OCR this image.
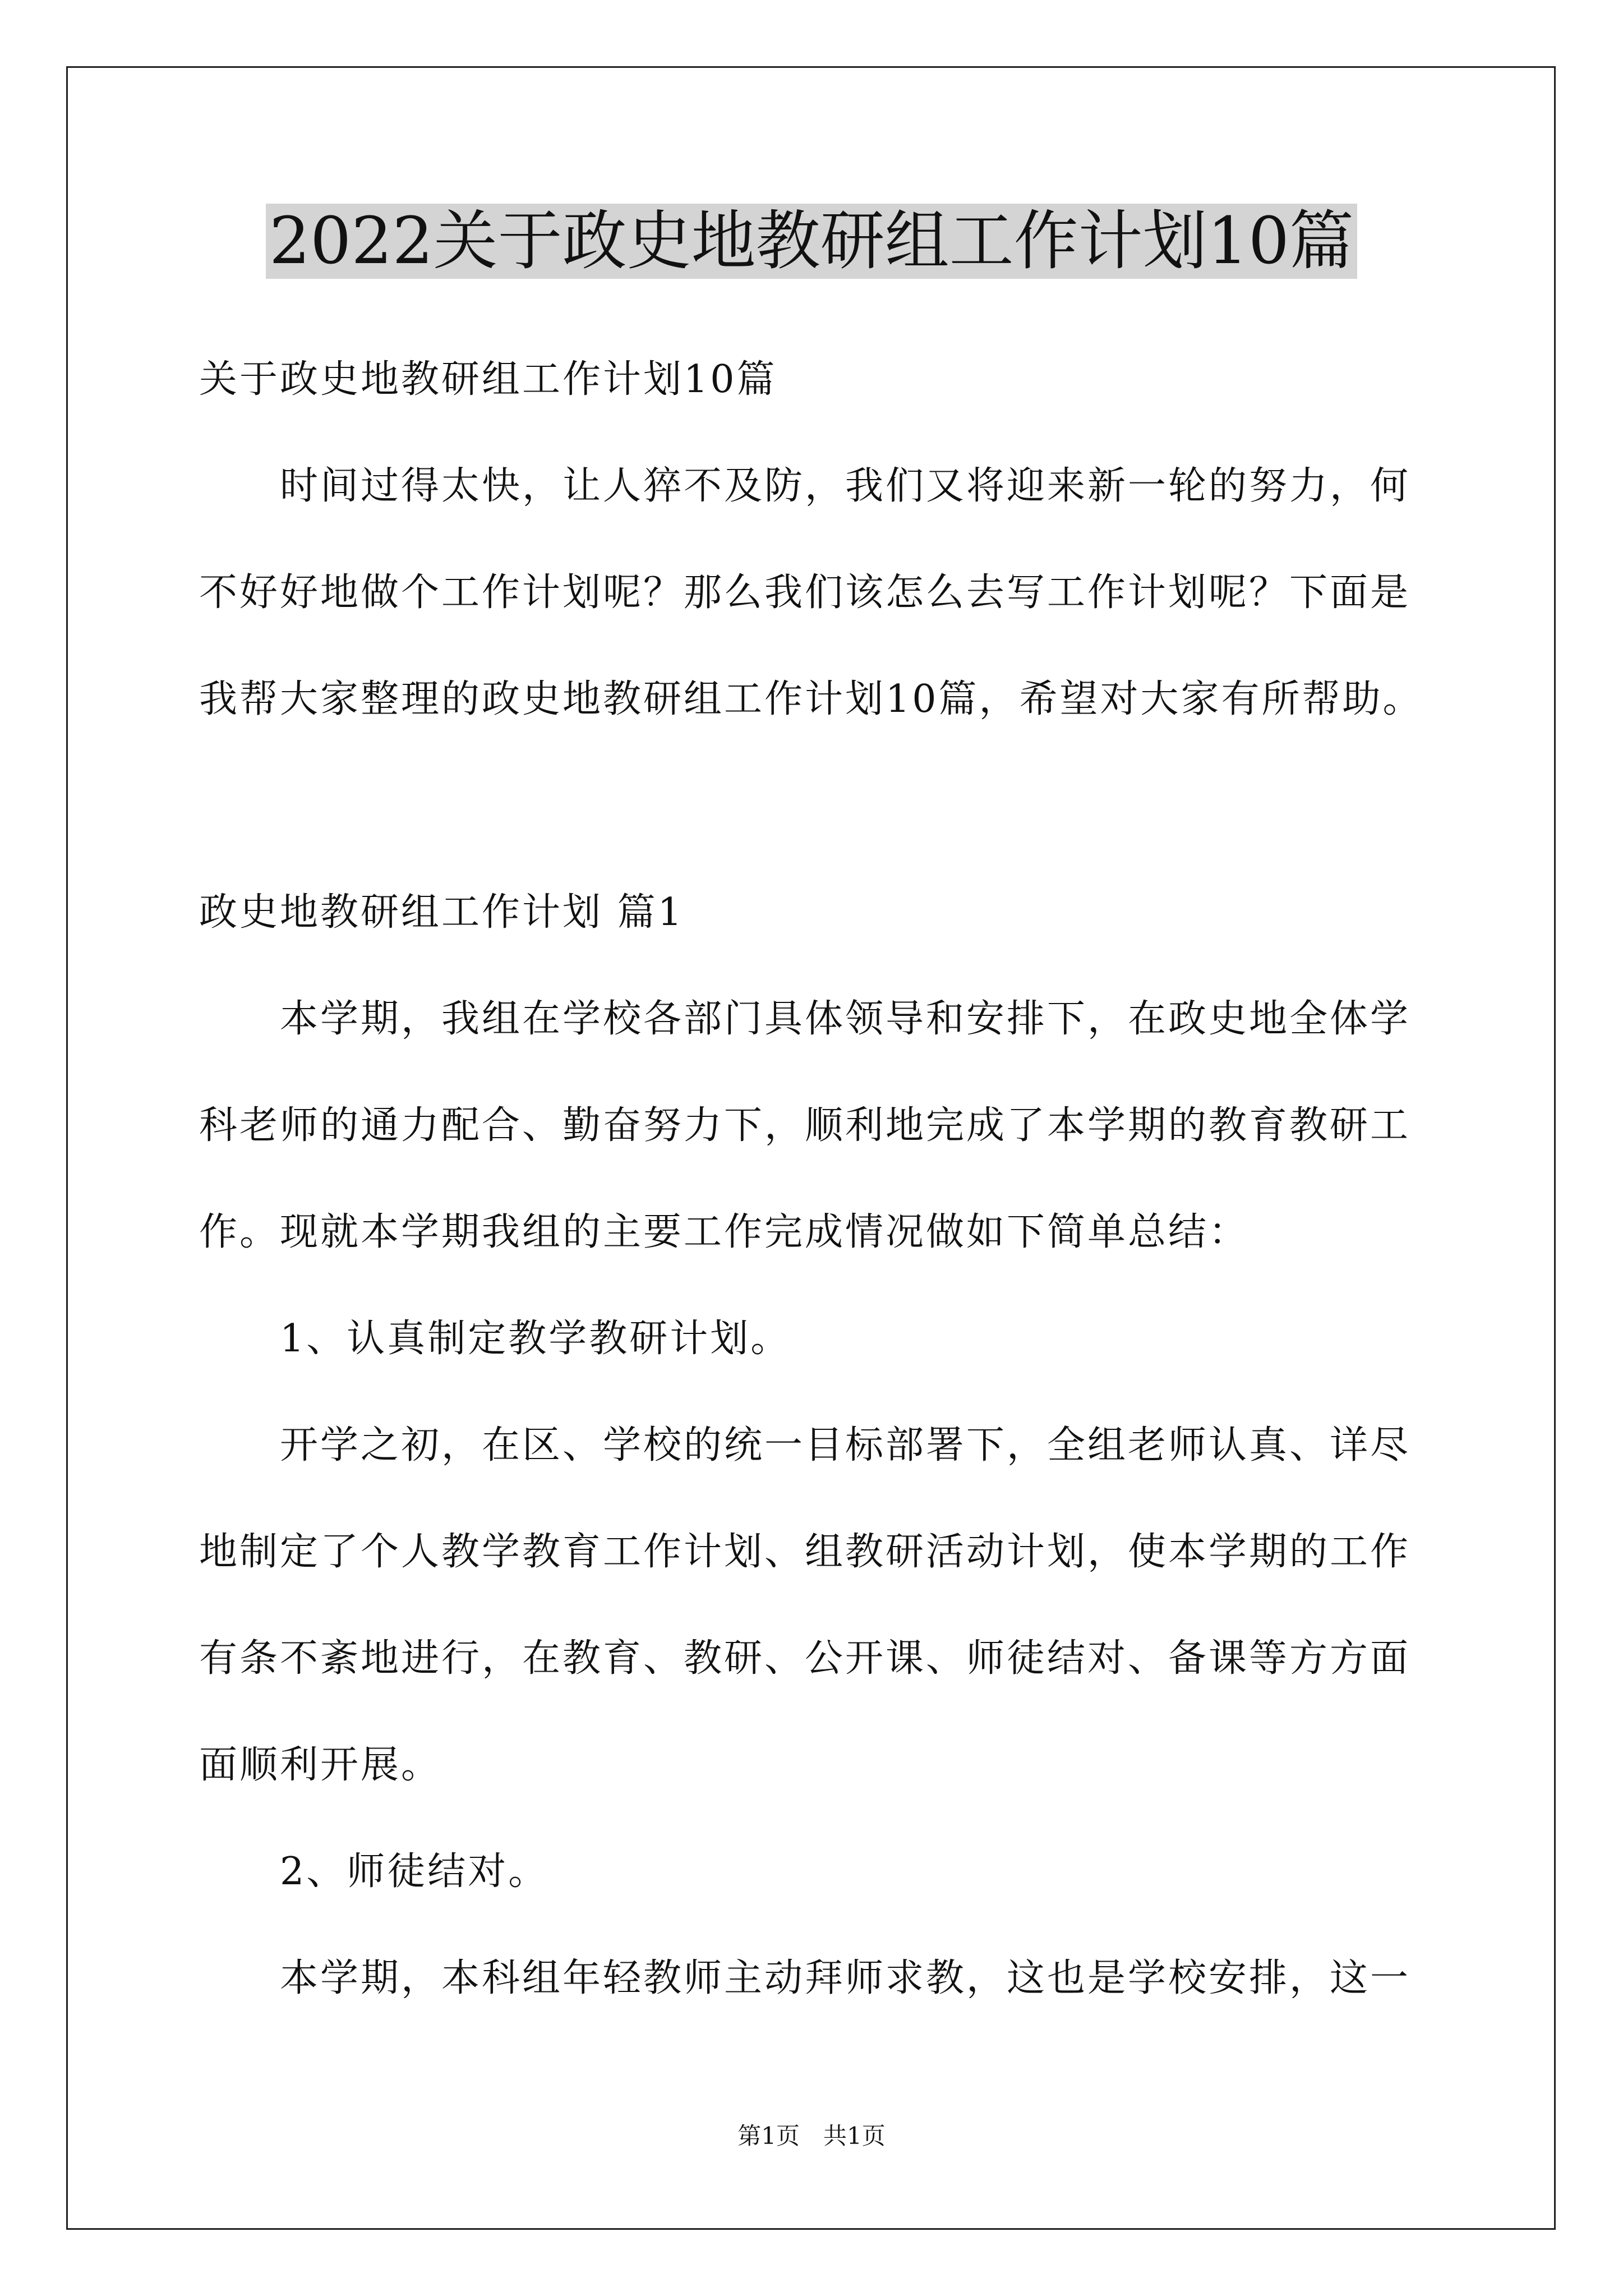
2022关于政史地教研组工作计划10篇
关于政史地教研组工作计划10篇
　　时间过得太快，让人猝不及防，我们又将迎来新一轮的努力，何
不好好地做个工作计划呢？那么我们该怎么去写工作计划呢？下面是
我帮大家整理的政史地教研组工作计划10篇，希望对大家有所帮助。
政史地教研组工作计划 篇1
　　本学期，我组在学校各部门具体领导和安排下，在政史地全体学
科老师的通力配合、勤奋努力下，顺利地完成了本学期的教育教研工
作。现就本学期我组的主要工作完成情况做如下简单总结：
　　1、认真制定教学教研计划。
　　开学之初，在区、学校的统一目标部署下，全组老师认真、详尽
地制定了个人教学教育工作计划、组教研活动计划，使本学期的工作
有条不紊地进行，在教育、教研、公开课、师徒结对、备课等方方面
面顺利开展。
　　2、师徒结对。
　　本学期，本科组年轻教师主动拜师求教，这也是学校安排，这一
第1页　共1页
